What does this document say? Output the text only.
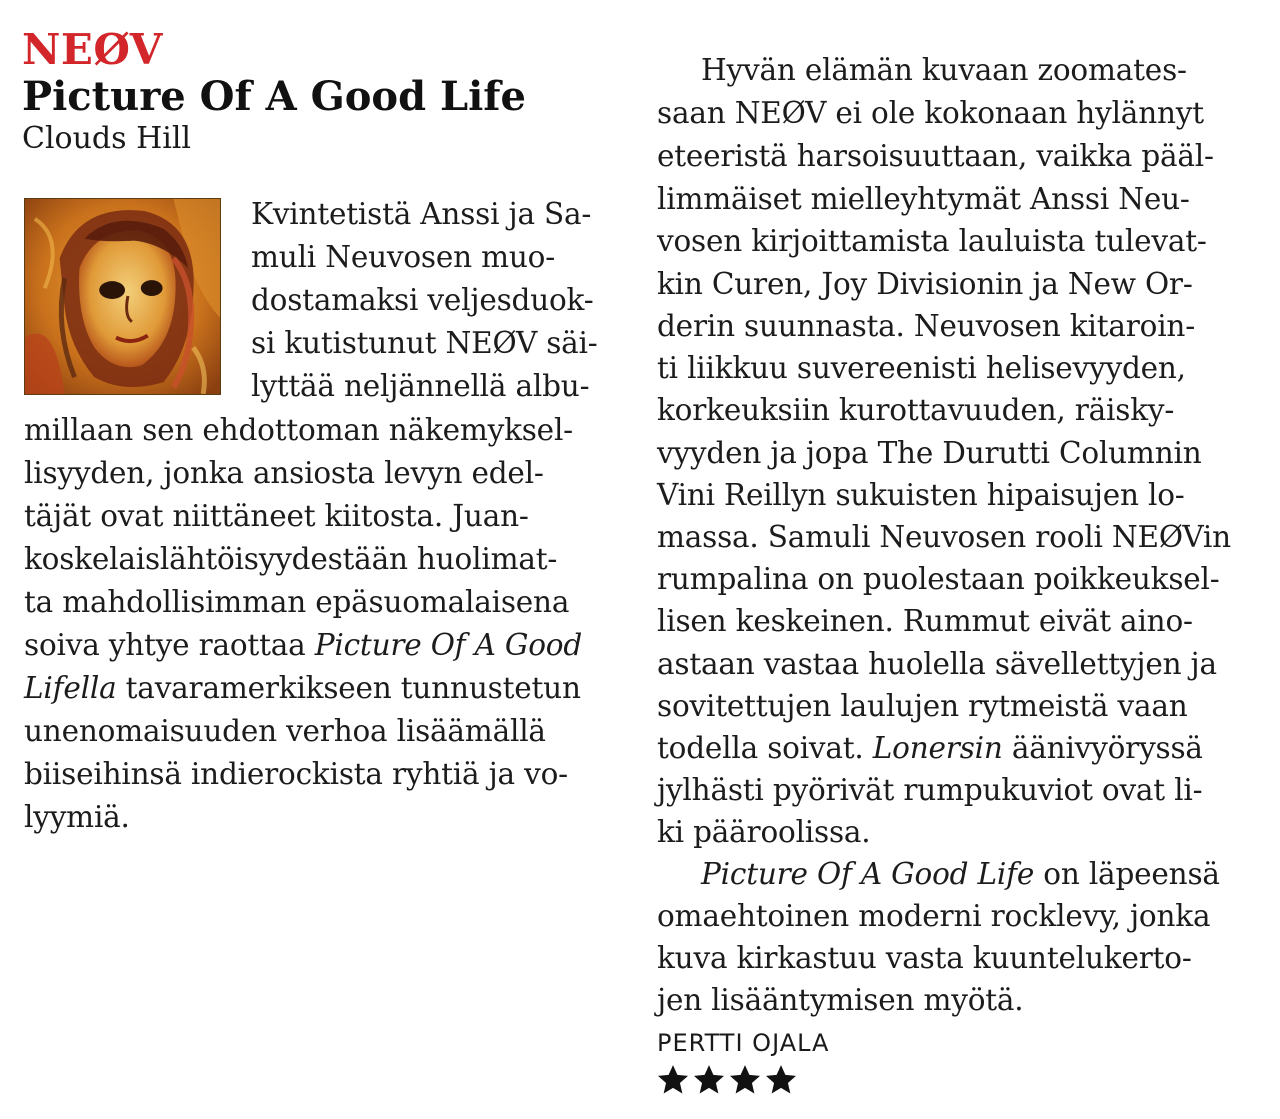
NEØV
Picture Of A Good Life
Clouds Hill
Kvintetistä Anssi ja Sa-
muli Neuvosen muo-
dostamaksi veljesduok-
si kutistunut NEØV säi-
lyttää neljännellä albu-
millaan sen ehdottoman näkemyksel-
lisyyden, jonka ansiosta levyn edel-
täjät ovat niittäneet kiitosta. Juan-
koskelaislähtöisyydestään huolimat-
ta mahdollisimman epäsuomalaisena
soiva yhtye raottaa Picture Of A Good
Lifella tavaramerkikseen tunnustetun
unenomaisuuden verhoa lisäämällä
biiseihinsä indierockista ryhtiä ja vo-
lyymiä.
Hyvän elämän kuvaan zoomates-
saan NEØV ei ole kokonaan hylännyt
eteeristä harsoisuuttaan, vaikka pääl-
limmäiset mielleyhtymät Anssi Neu-
vosen kirjoittamista lauluista tulevat-
kin Curen, Joy Divisionin ja New Or-
derin suunnasta. Neuvosen kitaroin-
ti liikkuu suvereenisti helisevyyden,
korkeuksiin kurottavuuden, räisky-
vyyden ja jopa The Durutti Columnin
Vini Reillyn sukuisten hipaisujen lo-
massa. Samuli Neuvosen rooli NEØVin
rumpalina on puolestaan poikkeuksel-
lisen keskeinen. Rummut eivät aino-
astaan vastaa huolella sävellettyjen ja
sovitettujen laulujen rytmeistä vaan
todella soivat. Lonersin äänivyöryssä
jylhästi pyörivät rumpukuviot ovat li-
ki pääroolissa.
Picture Of A Good Life on läpeensä
omaehtoinen moderni rocklevy, jonka
kuva kirkastuu vasta kuuntelukerto-
jen lisääntymisen myötä.
PERTTI OJALA
